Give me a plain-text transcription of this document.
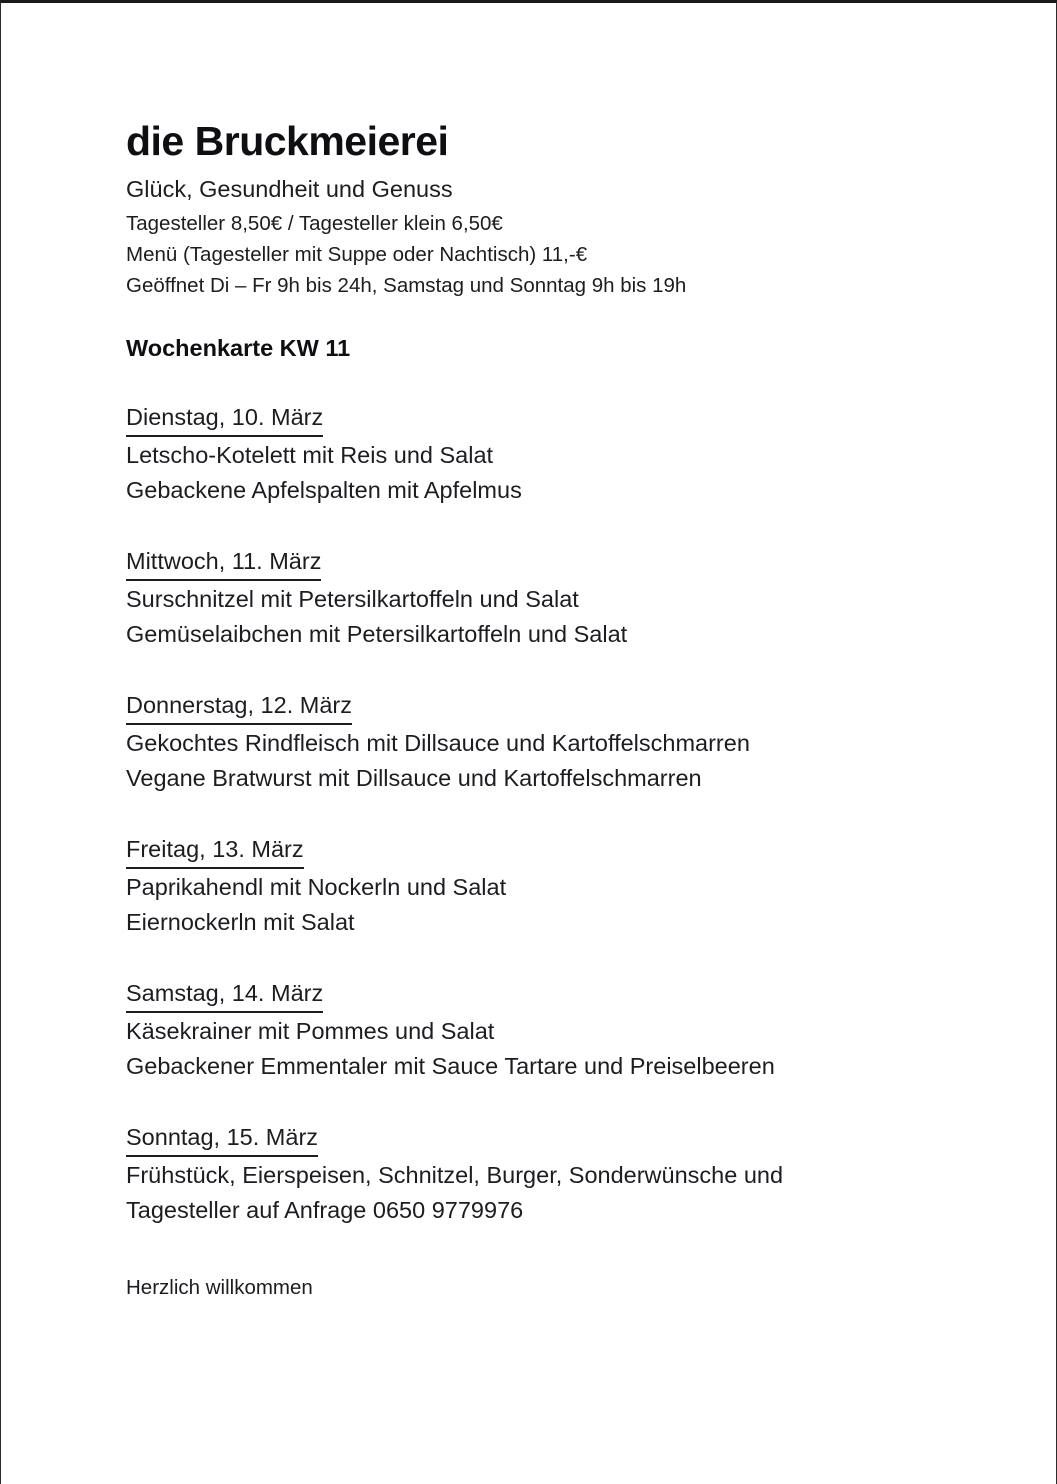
die Bruckmeierei

Glück, Gesundheit und Genuss

Tagesteller 8,50€ / Tagesteller klein 6,50€

Menü (Tagesteller mit Suppe oder Nachtisch) 11,-€

Geöffnet Di – Fr 9h bis 24h, Samstag und Sonntag 9h bis 19h

Wochenkarte KW 11
Dienstag, 10. März
Letscho-Kotelett mit Reis und Salat
Gebackene Apfelspalten mit Apfelmus
Mittwoch, 11. März
Surschnitzel mit Petersilkartoffeln und Salat
Gemüselaibchen mit Petersilkartoffeln und Salat
Donnerstag, 12. März
Gekochtes Rindfleisch mit Dillsauce und Kartoffelschmarren
Vegane Bratwurst mit Dillsauce und Kartoffelschmarren
Freitag, 13. März
Paprikahendl mit Nockerln und Salat
Eiernockerln mit Salat
Samstag, 14. März
Käsekrainer mit Pommes und Salat
Gebackener Emmentaler mit Sauce Tartare und Preiselbeeren
Sonntag, 15. März
Frühstück, Eierspeisen, Schnitzel, Burger, Sonderwünsche und
Tagesteller auf Anfrage 0650 9779976

Herzlich willkommen
